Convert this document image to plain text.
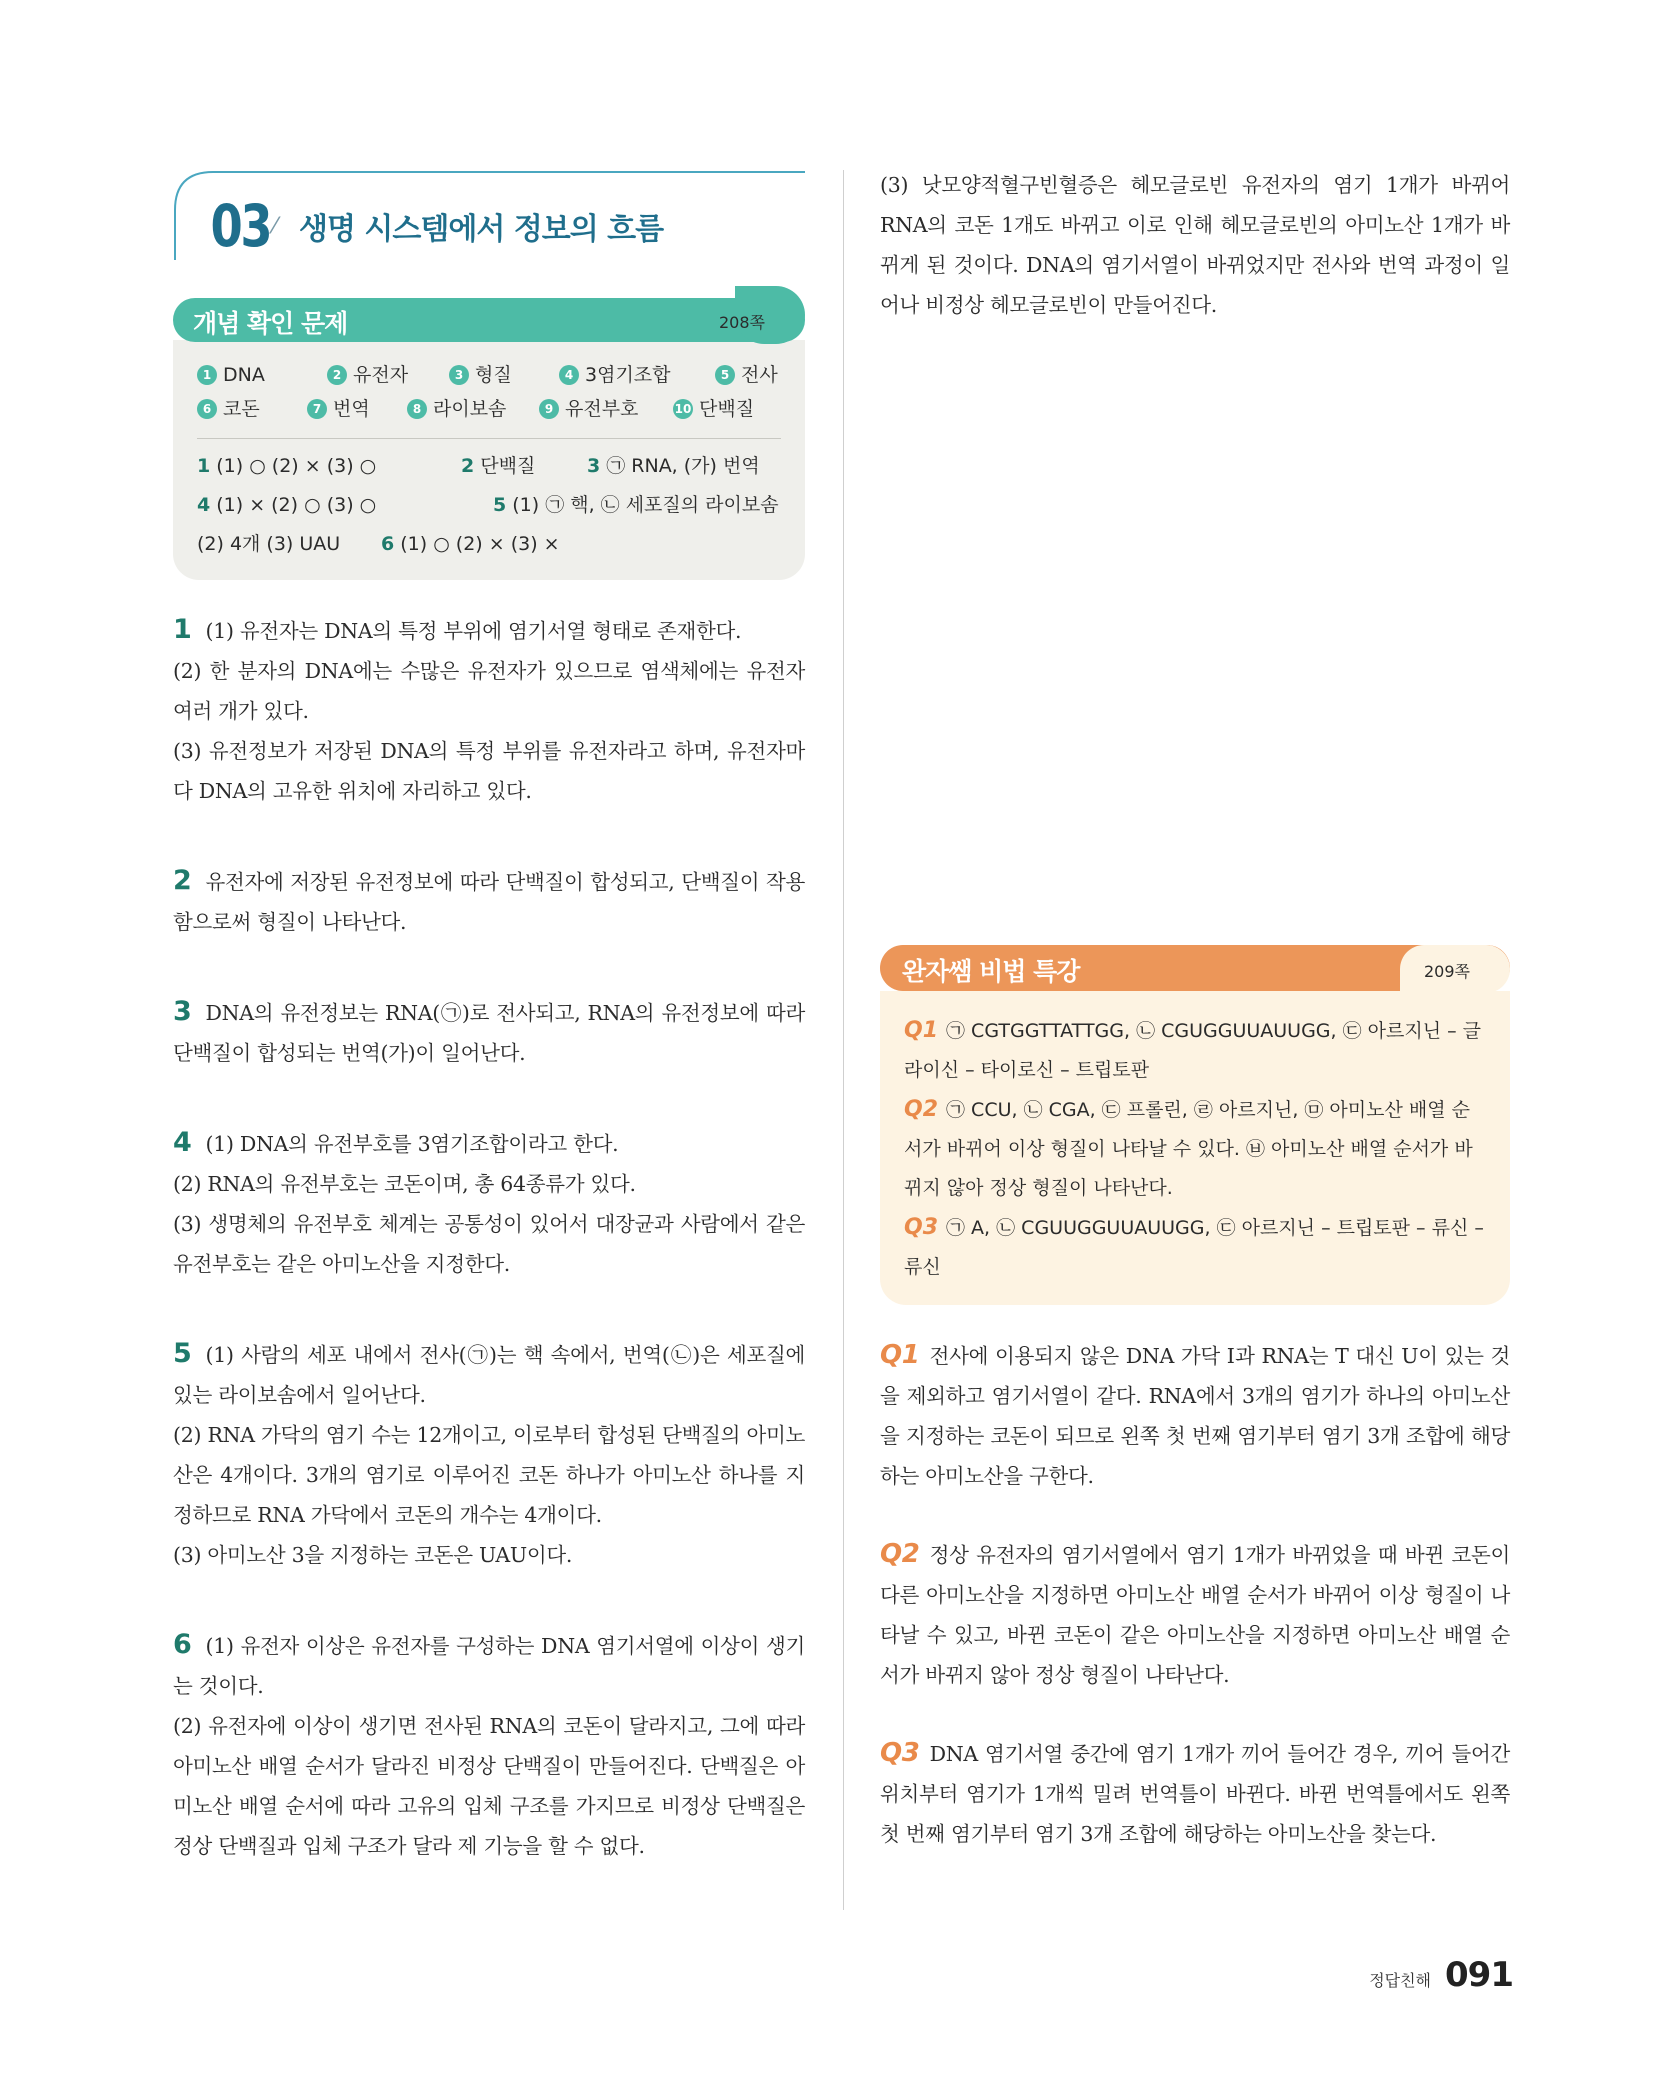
03 ⁄ 생명 시스템에서 정보의 흐름
개념 확인 문제	208쪽
1 DNA	2 유전자	3 형질	4 3염기조합	5 전사
6 코돈	7 번역	8 라이보솜	9 유전부호	10 단백질
1 (1) ○ (2) × (3) ○	2 단백질	3 ㉠ RNA, (가) 번역
4 (1) × (2) ○ (3) ○	5 (1) ㉠ 핵, ㉡ 세포질의 라이보솜
(2) 4개 (3) UAU 6 (1) ○ (2) × (3) ×
1 (1) 유전자는 DNA의 특정 부위에 염기서열 형태로 존재한다.
(2) 한 분자의 DNA에는 수많은 유전자가 있으므로 염색체에는 유전자 여러 개가 있다.
(3) 유전정보가 저장된 DNA의 특정 부위를 유전자라고 하며, 유전자마다 DNA의 고유한 위치에 자리하고 있다.
2 유전자에 저장된 유전정보에 따라 단백질이 합성되고, 단백질이 작용함으로써 형질이 나타난다.
3 DNA의 유전정보는 RNA(㉠)로 전사되고, RNA의 유전정보에 따라 단백질이 합성되는 번역(가)이 일어난다.
4 (1) DNA의 유전부호를 3염기조합이라고 한다.
(2) RNA의 유전부호는 코돈이며, 총 64종류가 있다.
(3) 생명체의 유전부호 체계는 공통성이 있어서 대장균과 사람에서 같은 유전부호는 같은 아미노산을 지정한다.
5 (1) 사람의 세포 내에서 전사(㉠)는 핵 속에서, 번역(㉡)은 세포질에 있는 라이보솜에서 일어난다.
(2) RNA 가닥의 염기 수는 12개이고, 이로부터 합성된 단백질의 아미노산은 4개이다. 3개의 염기로 이루어진 코돈 하나가 아미노산 하나를 지정하므로 RNA 가닥에서 코돈의 개수는 4개이다.
(3) 아미노산 3을 지정하는 코돈은 UAU이다.
6 (1) 유전자 이상은 유전자를 구성하는 DNA 염기서열에 이상이 생기는 것이다.
(2) 유전자에 이상이 생기면 전사된 RNA의 코돈이 달라지고, 그에 따라 아미노산 배열 순서가 달라진 비정상 단백질이 만들어진다. 단백질은 아미노산 배열 순서에 따라 고유의 입체 구조를 가지므로 비정상 단백질은 정상 단백질과 입체 구조가 달라 제 기능을 할 수 없다.
(3) 낫모양적혈구빈혈증은 헤모글로빈 유전자의 염기 1개가 바뀌어 RNA의 코돈 1개도 바뀌고 이로 인해 헤모글로빈의 아미노산 1개가 바뀌게 된 것이다. DNA의 염기서열이 바뀌었지만 전사와 번역 과정이 일어나 비정상 헤모글로빈이 만들어진다.
완자쌤 비법 특강	209쪽
Q1 ㉠ CGTGGTTATTGG, ㉡ CGUGGUUAUUGG, ㉢ 아르지닌 – 글라이신 – 타이로신 – 트립토판
Q2 ㉠ CCU, ㉡ CGA, ㉢ 프롤린, ㉣ 아르지닌, ㉤ 아미노산 배열 순서가 바뀌어 이상 형질이 나타날 수 있다. ㉥ 아미노산 배열 순서가 바뀌지 않아 정상 형질이 나타난다.
Q3 ㉠ A, ㉡ CGUUGGUUAUUGG, ㉢ 아르지닌 – 트립토판 – 류신 – 류신
Q1 전사에 이용되지 않은 DNA 가닥 Ⅰ과 RNA는 T 대신 U이 있는 것을 제외하고 염기서열이 같다. RNA에서 3개의 염기가 하나의 아미노산을 지정하는 코돈이 되므로 왼쪽 첫 번째 염기부터 염기 3개 조합에 해당하는 아미노산을 구한다.
Q2 정상 유전자의 염기서열에서 염기 1개가 바뀌었을 때 바뀐 코돈이 다른 아미노산을 지정하면 아미노산 배열 순서가 바뀌어 이상 형질이 나타날 수 있고, 바뀐 코돈이 같은 아미노산을 지정하면 아미노산 배열 순서가 바뀌지 않아 정상 형질이 나타난다.
Q3 DNA 염기서열 중간에 염기 1개가 끼어 들어간 경우, 끼어 들어간 위치부터 염기가 1개씩 밀려 번역틀이 바뀐다. 바뀐 번역틀에서도 왼쪽 첫 번째 염기부터 염기 3개 조합에 해당하는 아미노산을 찾는다.
정답친해 091
